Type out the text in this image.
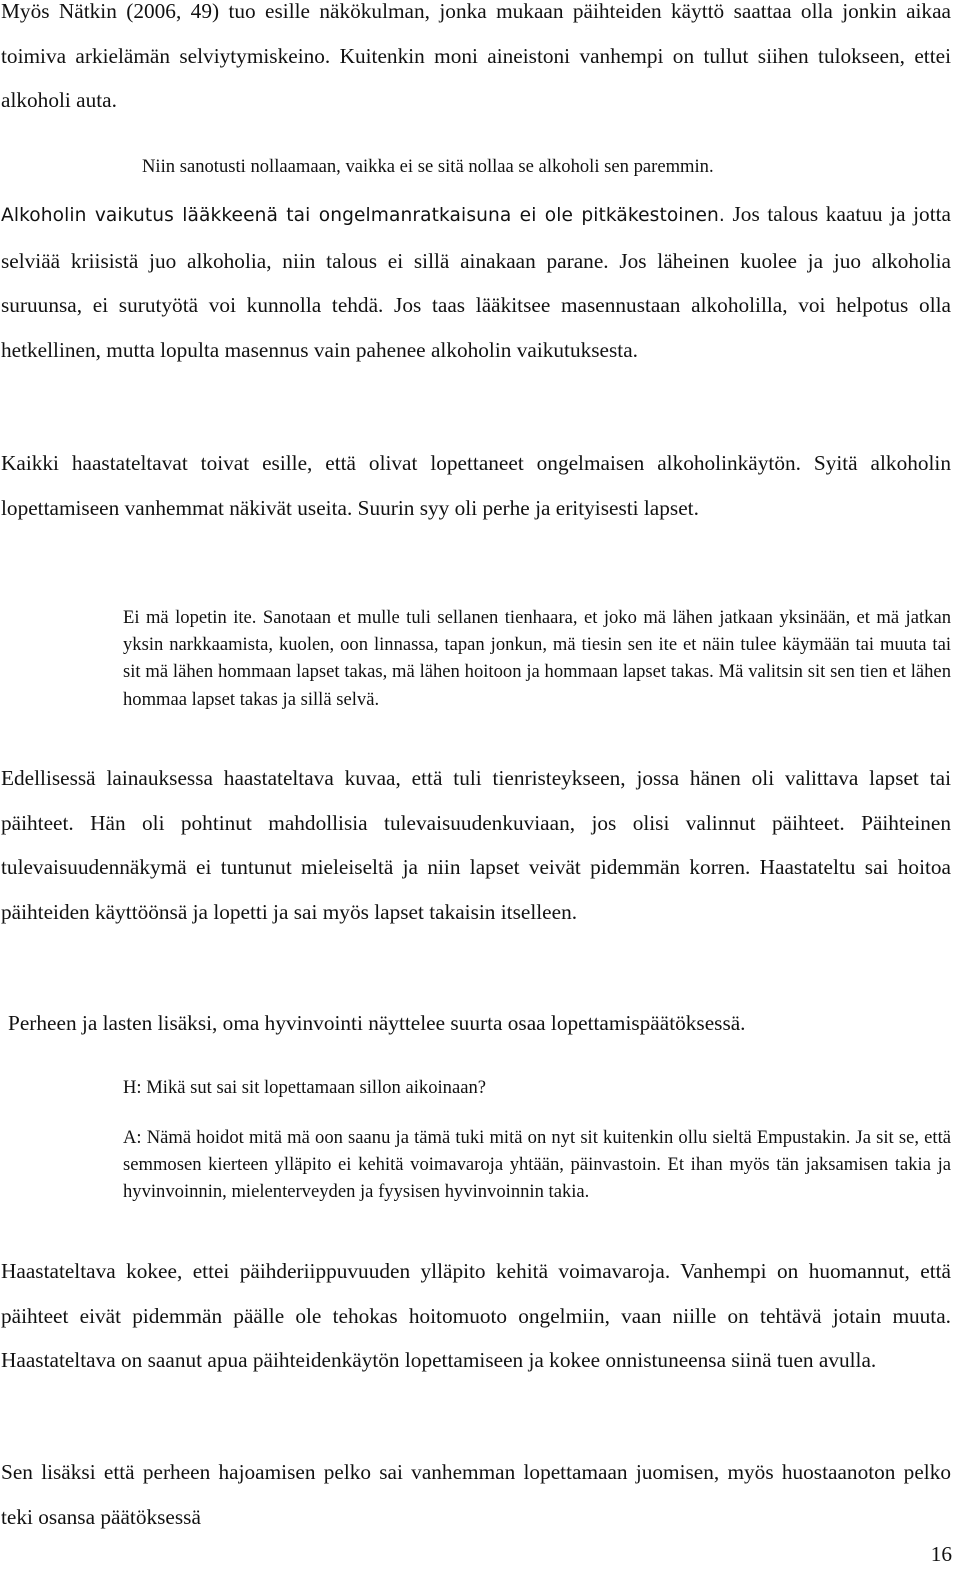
Myös Nätkin (2006, 49) tuo esille näkökulman, jonka mukaan päihteiden käyttö saattaa olla jonkin aikaa toimiva arkielämän selviytymiskeino. Kuitenkin moni aineistoni vanhempi on tullut siihen tulokseen, ettei alkoholi auta.
Niin sanotusti nollaamaan, vaikka ei se sitä nollaa se alkoholi sen paremmin.
Alkoholin vaikutus lääkkeenä tai ongelmanratkaisuna ei ole pitkäkestoinen. Jos talous kaatuu ja jotta selviää kriisistä juo alkoholia, niin talous ei sillä ainakaan parane. Jos läheinen kuolee ja juo alkoholia suruunsa, ei surutyötä voi kunnolla tehdä. Jos taas lääkitsee masennustaan alkoholilla, voi helpotus olla hetkellinen, mutta lopulta masennus vain pahenee alkoholin vaikutuksesta.
Kaikki haastateltavat toivat esille, että olivat lopettaneet ongelmaisen alkoholinkäytön. Syitä alkoholin lopettamiseen vanhemmat näkivät useita. Suurin syy oli perhe ja erityisesti lapset.
Ei mä lopetin ite. Sanotaan et mulle tuli sellanen tienhaara, et joko mä lähen jatkaan yksinään, et mä jatkan yksin narkkaamista, kuolen, oon linnassa, tapan jonkun, mä tiesin sen ite et näin tulee käymään tai muuta tai sit mä lähen hommaan lapset takas, mä lähen hoitoon ja hommaan lapset takas. Mä valitsin sit sen tien et lähen hommaa lapset takas ja sillä selvä.
Edellisessä lainauksessa haastateltava kuvaa, että tuli tienristeykseen, jossa hänen oli valittava lapset tai päihteet. Hän oli pohtinut mahdollisia tulevaisuudenkuviaan, jos olisi valinnut päihteet. Päihteinen tulevaisuudennäkymä ei tuntunut mieleiseltä ja niin lapset veivät pidemmän korren. Haastateltu sai hoitoa päihteiden käyttöönsä ja lopetti ja sai myös lapset takaisin itselleen.
Perheen ja lasten lisäksi, oma hyvinvointi näyttelee suurta osaa lopettamispäätöksessä.
H: Mikä sut sai sit lopettamaan sillon aikoinaan?
A: Nämä hoidot mitä mä oon saanu ja tämä tuki mitä on nyt sit kuitenkin ollu sieltä Empustakin. Ja sit se, että semmosen kierteen ylläpito ei kehitä voimavaroja yhtään, päinvastoin. Et ihan myös tän jaksamisen takia ja hyvinvoinnin, mielenterveyden ja fyysisen hyvinvoinnin takia.
Haastateltava kokee, ettei päihderiippuvuuden ylläpito kehitä voimavaroja. Vanhempi on huomannut, että päihteet eivät pidemmän päälle ole tehokas hoitomuoto ongelmiin, vaan niille on tehtävä jotain muuta. Haastateltava on saanut apua päihteidenkäytön lopettamiseen ja kokee onnistuneensa siinä tuen avulla.
Sen lisäksi että perheen hajoamisen pelko sai vanhemman lopettamaan juomisen, myös huostaanoton pelko teki osansa päätöksessä
16
